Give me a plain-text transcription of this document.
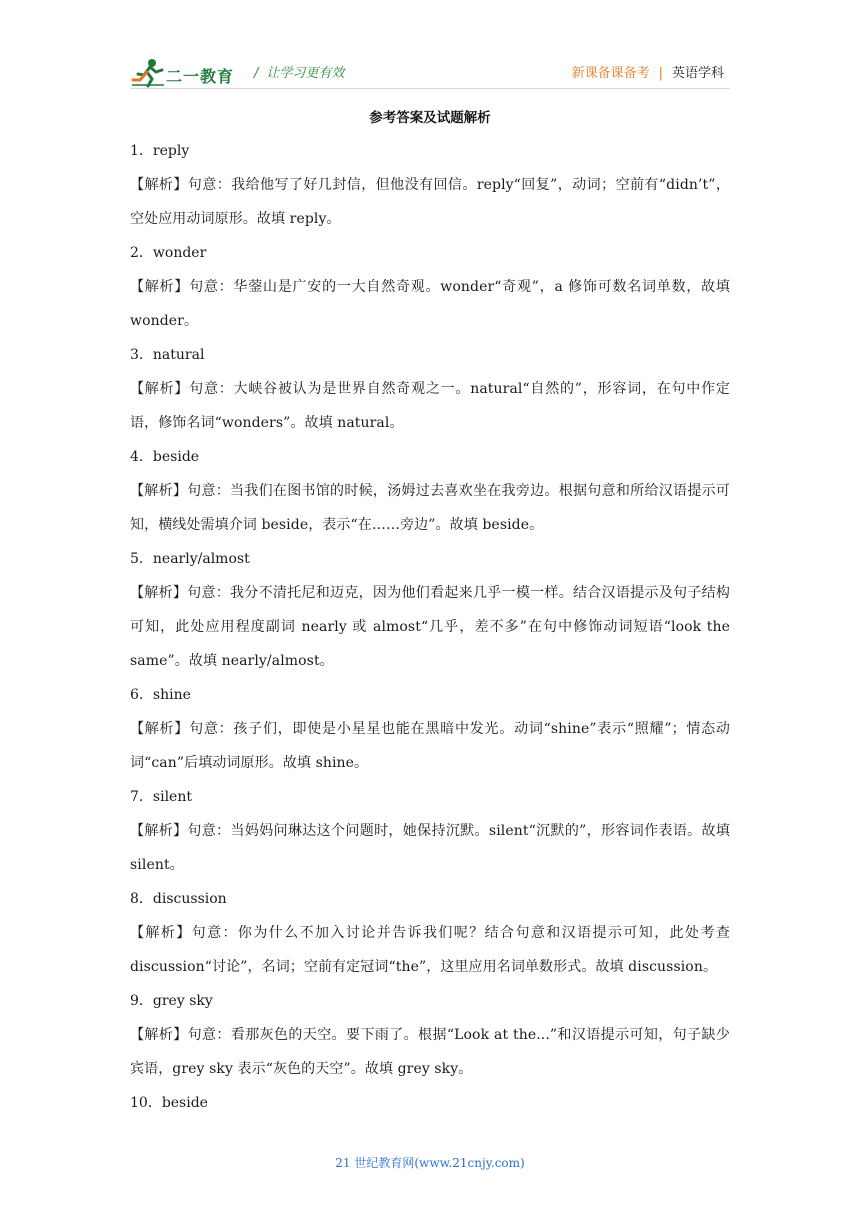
二一教育 / 让学习更有效	新课备课备考 | 英语学科
参考答案及试题解析
1．reply
【解析】句意：我给他写了好几封信，但他没有回信。reply“回复”，动词；空前有“didn’t”，空处应用动词原形。故填 reply。
2．wonder
【解析】句意：华蓥山是广安的一大自然奇观。wonder“奇观”，a 修饰可数名词单数，故填 wonder。
3．natural
【解析】句意：大峡谷被认为是世界自然奇观之一。natural“自然的”，形容词，在句中作定语，修饰名词“wonders”。故填 natural。
4．beside
【解析】句意：当我们在图书馆的时候，汤姆过去喜欢坐在我旁边。根据句意和所给汉语提示可知，横线处需填介词 beside，表示“在……旁边”。故填 beside。
5．nearly/almost
【解析】句意：我分不清托尼和迈克，因为他们看起来几乎一模一样。结合汉语提示及句子结构可知，此处应用程度副词 nearly 或 almost“几乎，差不多”在句中修饰动词短语“look the same”。故填 nearly/almost。
6．shine
【解析】句意：孩子们，即使是小星星也能在黑暗中发光。动词“shine”表示“照耀”；情态动词“can”后填动词原形。故填 shine。
7．silent
【解析】句意：当妈妈问琳达这个问题时，她保持沉默。silent“沉默的”，形容词作表语。故填 silent。
8．discussion
【解析】句意：你为什么不加入讨论并告诉我们呢？结合句意和汉语提示可知，此处考查 discussion“讨论”，名词；空前有定冠词“the”，这里应用名词单数形式。故填 discussion。
9．grey sky
【解析】句意：看那灰色的天空。要下雨了。根据“Look at the...”和汉语提示可知，句子缺少宾语，grey sky 表示“灰色的天空”。故填 grey sky。
10．beside
21 世纪教育网(www.21cnjy.com)
